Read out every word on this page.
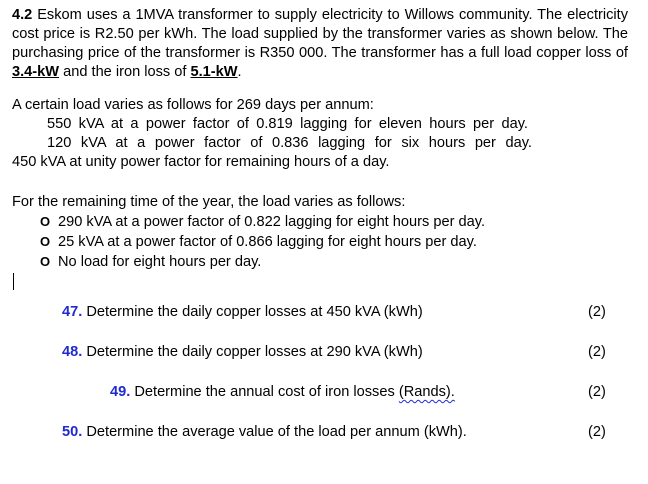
4.2 Eskom uses a 1MVA transformer to supply electricity to Willows community. The electricity cost price is R2.50 per kWh. The load supplied by the transformer varies as shown below. The purchasing price of the transformer is R350 000. The transformer has a full load copper loss of 3.4-kW and the iron loss of 5.1-kW.
A certain load varies as follows for 269 days per annum:
550 kVA at a power factor of 0.819 lagging for eleven hours per day.
120 kVA at a power factor of 0.836 lagging for six hours per day.
450 kVA at unity power factor for remaining hours of a day.
For the remaining time of the year, the load varies as follows:
O 290 kVA at a power factor of 0.822 lagging for eight hours per day.
O 25 kVA at a power factor of 0.866 lagging for eight hours per day.
O No load for eight hours per day.
47. Determine the daily copper losses at 450 kVA (kWh)	(2)
48. Determine the daily copper losses at 290 kVA (kWh)	(2)
49. Determine the annual cost of iron losses (Rands).	(2)
50. Determine the average value of the load per annum (kWh).	(2)
